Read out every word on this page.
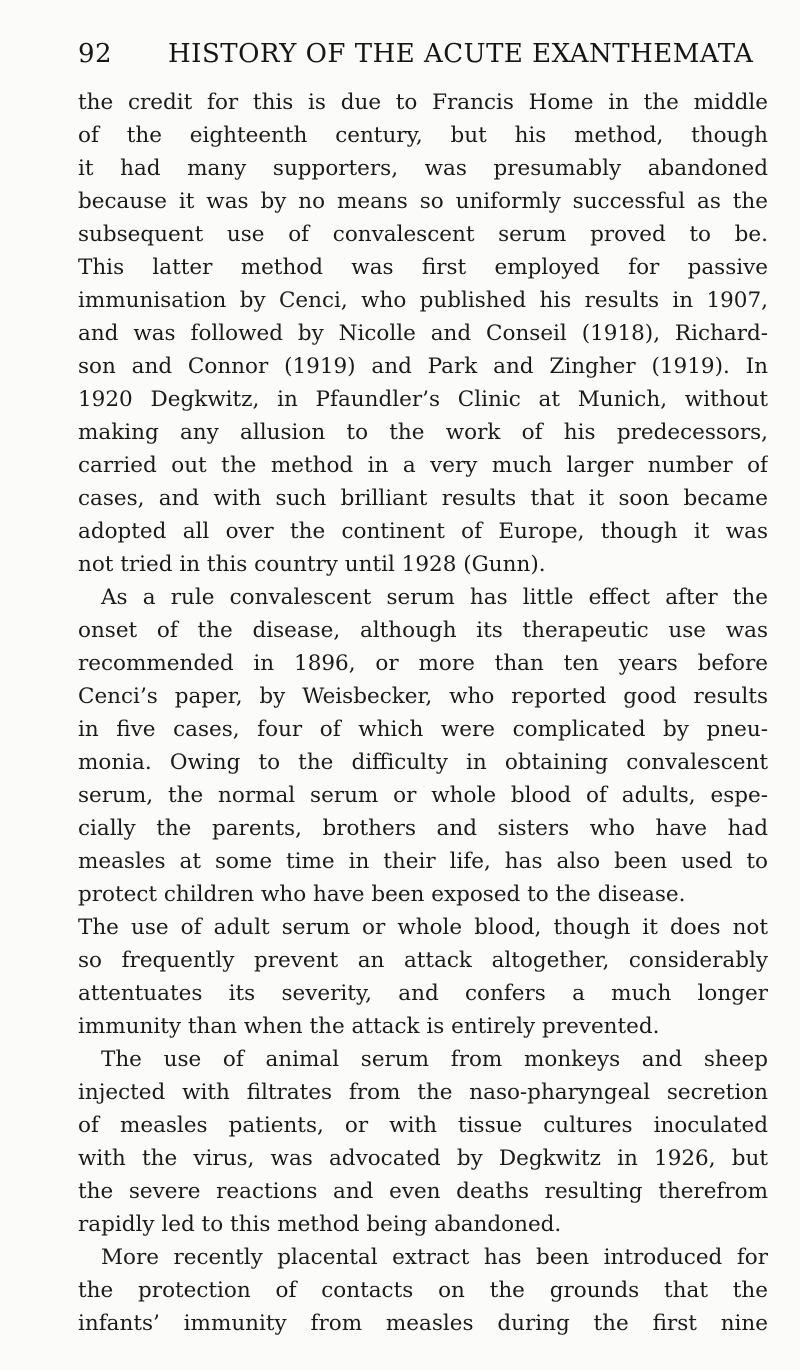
92 HISTORY OF THE ACUTE EXANTHEMATA
the credit for this is due to Francis Home in the middle
of the eighteenth century, but his method, though
it had many supporters, was presumably abandoned
because it was by no means so uniformly successful as the
subsequent use of convalescent serum proved to be.
This latter method was first employed for passive
immunisation by Cenci, who published his results in 1907,
and was followed by Nicolle and Conseil (1918), Richard-
son and Connor (1919) and Park and Zingher (1919). In
1920 Degkwitz, in Pfaundler’s Clinic at Munich, without
making any allusion to the work of his predecessors,
carried out the method in a very much larger number of
cases, and with such brilliant results that it soon became
adopted all over the continent of Europe, though it was
not tried in this country until 1928 (Gunn).
As a rule convalescent serum has little effect after the
onset of the disease, although its therapeutic use was
recommended in 1896, or more than ten years before
Cenci’s paper, by Weisbecker, who reported good results
in five cases, four of which were complicated by pneu-
monia. Owing to the difficulty in obtaining convalescent
serum, the normal serum or whole blood of adults, espe-
cially the parents, brothers and sisters who have had
measles at some time in their life, has also been used to
protect children who have been exposed to the disease.
The use of adult serum or whole blood, though it does not
so frequently prevent an attack altogether, considerably
attentuates its severity, and confers a much longer
immunity than when the attack is entirely prevented.
The use of animal serum from monkeys and sheep
injected with filtrates from the naso-pharyngeal secretion
of measles patients, or with tissue cultures inoculated
with the virus, was advocated by Degkwitz in 1926, but
the severe reactions and even deaths resulting therefrom
rapidly led to this method being abandoned.
More recently placental extract has been introduced for
the protection of contacts on the grounds that the
infants’ immunity from measles during the first nine
